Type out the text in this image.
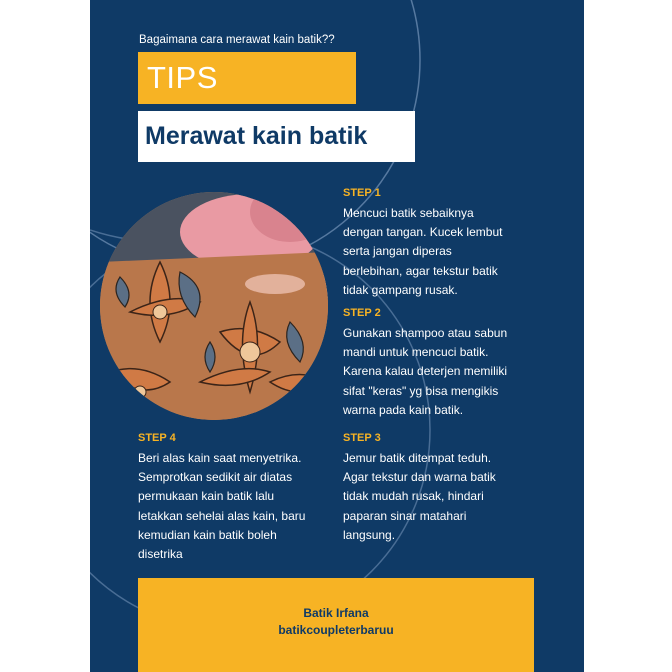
Bagaimana cara merawat kain batik??
TIPS
Merawat kain batik
STEP 1
Mencuci batik sebaiknya
dengan tangan. Kucek lembut
serta jangan diperas
berlebihan, agar tekstur batik
tidak gampang rusak.
STEP 2
Gunakan shampoo atau sabun
mandi untuk mencuci batik.
Karena kalau deterjen memiliki
sifat "keras" yg bisa mengikis
warna pada kain batik.
STEP 3
Jemur batik ditempat teduh.
Agar tekstur dan warna batik
tidak mudah rusak, hindari
paparan sinar matahari
langsung.
STEP 4
Beri alas kain saat menyetrika.
Semprotkan sedikit air diatas
permukaan kain batik lalu
letakkan sehelai alas kain, baru
kemudian kain batik boleh
disetrika
Batik Irfana
batikcoupleterbaruu
